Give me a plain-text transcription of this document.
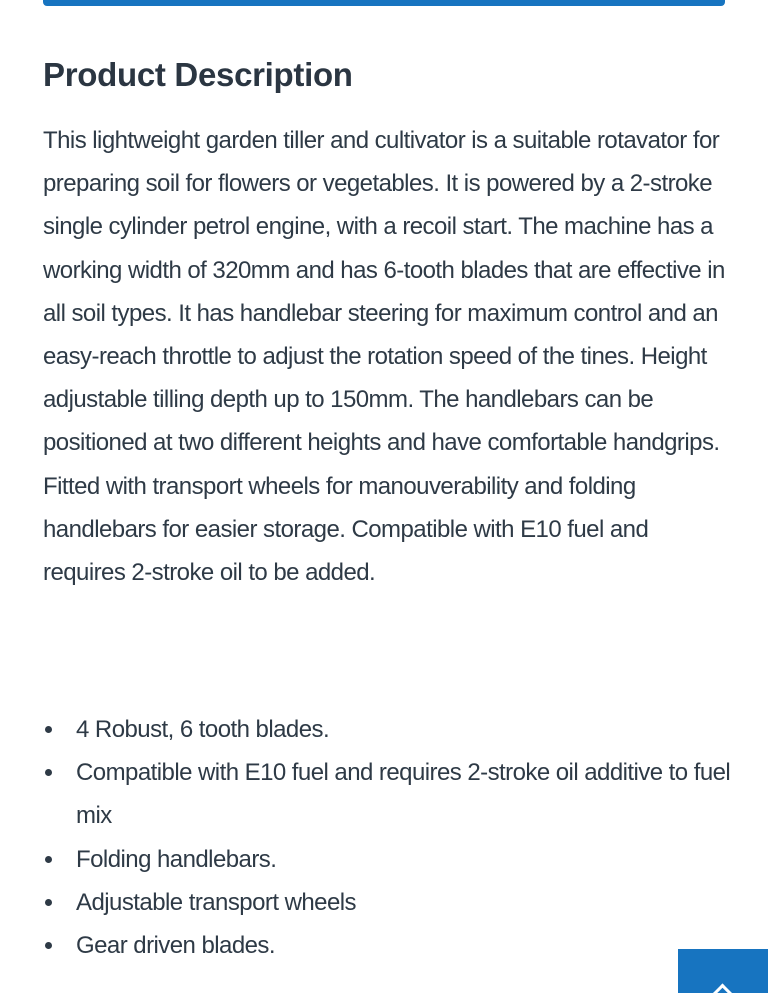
Product Description

This lightweight garden tiller and cultivator is a suitable rotavator for preparing soil for flowers or vegetables. It is powered by a 2-stroke single cylinder petrol engine, with a recoil start. The machine has a working width of 320mm and has 6-tooth blades that are effective in all soil types. It has handlebar steering for maximum control and an easy-reach throttle to adjust the rotation speed of the tines. Height adjustable tilling depth up to 150mm. The handlebars can be positioned at two different heights and have comfortable handgrips. Fitted with transport wheels for manouverability and folding handlebars for easier storage. Compatible with E10 fuel and requires 2-stroke oil to be added.

4 Robust, 6 tooth blades.
Compatible with E10 fuel and requires 2-stroke oil additive to fuel mix
Folding handlebars.
Adjustable transport wheels
Gear driven blades.
